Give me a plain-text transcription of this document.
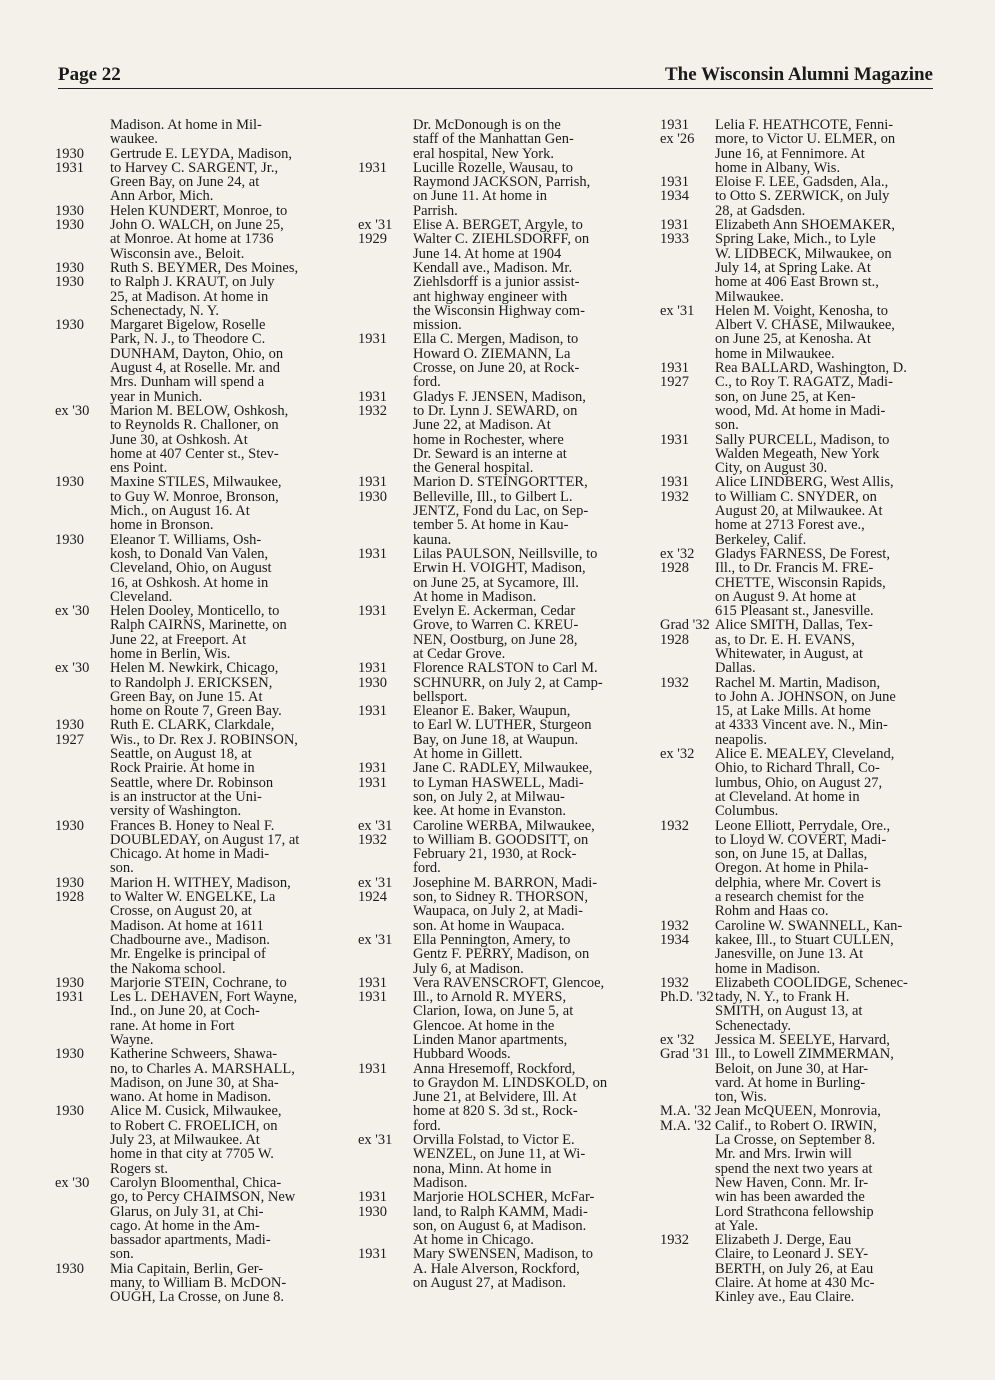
Page 22	The Wisconsin Alumni Magazine
Madison. At home in Mil-
waukee.
1930	Gertrude E. LEYDA, Madison,
1931	to Harvey C. SARGENT, Jr.,
Green Bay, on June 24, at
Ann Arbor, Mich.
1930	Helen KUNDERT, Monroe, to
1930	John O. WALCH, on June 25,
at Monroe. At home at 1736
Wisconsin ave., Beloit.
1930	Ruth S. BEYMER, Des Moines,
1930	to Ralph J. KRAUT, on July
25, at Madison. At home in
Schenectady, N. Y.
1930	Margaret Bigelow, Roselle
Park, N. J., to Theodore C.
DUNHAM, Dayton, Ohio, on
August 4, at Roselle. Mr. and
Mrs. Dunham will spend a
year in Munich.
ex '30	Marion M. BELOW, Oshkosh,
to Reynolds R. Challoner, on
June 30, at Oshkosh. At
home at 407 Center st., Stev-
ens Point.
1930	Maxine STILES, Milwaukee,
to Guy W. Monroe, Bronson,
Mich., on August 16. At
home in Bronson.
1930	Eleanor T. Williams, Osh-
kosh, to Donald Van Valen,
Cleveland, Ohio, on August
16, at Oshkosh. At home in
Cleveland.
ex '30	Helen Dooley, Monticello, to
Ralph CAIRNS, Marinette, on
June 22, at Freeport. At
home in Berlin, Wis.
ex '30	Helen M. Newkirk, Chicago,
to Randolph J. ERICKSEN,
Green Bay, on June 15. At
home on Route 7, Green Bay.
1930	Ruth E. CLARK, Clarkdale,
1927	Wis., to Dr. Rex J. ROBINSON,
Seattle, on August 18, at
Rock Prairie. At home in
Seattle, where Dr. Robinson
is an instructor at the Uni-
versity of Washington.
1930	Frances B. Honey to Neal F.
DOUBLEDAY, on August 17, at
Chicago. At home in Madi-
son.
1930	Marion H. WITHEY, Madison,
1928	to Walter W. ENGELKE, La
Crosse, on August 20, at
Madison. At home at 1611
Chadbourne ave., Madison.
Mr. Engelke is principal of
the Nakoma school.
1930	Marjorie STEIN, Cochrane, to
1931	Les L. DEHAVEN, Fort Wayne,
Ind., on June 20, at Coch-
rane. At home in Fort
Wayne.
1930	Katherine Schweers, Shawa-
no, to Charles A. MARSHALL,
Madison, on June 30, at Sha-
wano. At home in Madison.
1930	Alice M. Cusick, Milwaukee,
to Robert C. FROELICH, on
July 23, at Milwaukee. At
home in that city at 7705 W.
Rogers st.
ex '30	Carolyn Bloomenthal, Chica-
go, to Percy CHAIMSON, New
Glarus, on July 31, at Chi-
cago. At home in the Am-
bassador apartments, Madi-
son.
1930	Mia Capitain, Berlin, Ger-
many, to William B. McDON-
OUGH, La Crosse, on June 8.
Dr. McDonough is on the
staff of the Manhattan Gen-
eral hospital, New York.
1931	Lucille Rozelle, Wausau, to
Raymond JACKSON, Parrish,
on June 11. At home in
Parrish.
ex '31	Elise A. BERGET, Argyle, to
1929	Walter C. ZIEHLSDORFF, on
June 14. At home at 1904
Kendall ave., Madison. Mr.
Ziehlsdorff is a junior assist-
ant highway engineer with
the Wisconsin Highway com-
mission.
1931	Ella C. Mergen, Madison, to
Howard O. ZIEMANN, La
Crosse, on June 20, at Rock-
ford.
1931	Gladys F. JENSEN, Madison,
1932	to Dr. Lynn J. SEWARD, on
June 22, at Madison. At
home in Rochester, where
Dr. Seward is an interne at
the General hospital.
1931	Marion D. STEINGORTTER,
1930	Belleville, Ill., to Gilbert L.
JENTZ, Fond du Lac, on Sep-
tember 5. At home in Kau-
kauna.
1931	Lilas PAULSON, Neillsville, to
Erwin H. VOIGHT, Madison,
on June 25, at Sycamore, Ill.
At home in Madison.
1931	Evelyn E. Ackerman, Cedar
Grove, to Warren C. KREU-
NEN, Oostburg, on June 28,
at Cedar Grove.
1931	Florence RALSTON to Carl M.
1930	SCHNURR, on July 2, at Camp-
bellsport.
1931	Eleanor E. Baker, Waupun,
to Earl W. LUTHER, Sturgeon
Bay, on June 18, at Waupun.
At home in Gillett.
1931	Jane C. RADLEY, Milwaukee,
1931	to Lyman HASWELL, Madi-
son, on July 2, at Milwau-
kee. At home in Evanston.
ex '31	Caroline WERBA, Milwaukee,
1932	to William B. GOODSITT, on
February 21, 1930, at Rock-
ford.
ex '31	Josephine M. BARRON, Madi-
1924	son, to Sidney R. THORSON,
Waupaca, on July 2, at Madi-
son. At home in Waupaca.
ex '31	Ella Pennington, Amery, to
Gentz F. PERRY, Madison, on
July 6, at Madison.
1931	Vera RAVENSCROFT, Glencoe,
1931	Ill., to Arnold R. MYERS,
Clarion, Iowa, on June 5, at
Glencoe. At home in the
Linden Manor apartments,
Hubbard Woods.
1931	Anna Hresemoff, Rockford,
to Graydon M. LINDSKOLD, on
June 21, at Belvidere, Ill. At
home at 820 S. 3d st., Rock-
ford.
ex '31	Orvilla Folstad, to Victor E.
WENZEL, on June 11, at Wi-
nona, Minn. At home in
Madison.
1931	Marjorie HOLSCHER, McFar-
1930	land, to Ralph KAMM, Madi-
son, on August 6, at Madison.
At home in Chicago.
1931	Mary SWENSEN, Madison, to
A. Hale Alverson, Rockford,
on August 27, at Madison.
1931	Lelia F. HEATHCOTE, Fenni-
ex '26	more, to Victor U. ELMER, on
June 16, at Fennimore. At
home in Albany, Wis.
1931	Eloise F. LEE, Gadsden, Ala.,
1934	to Otto S. ZERWICK, on July
28, at Gadsden.
1931	Elizabeth Ann SHOEMAKER,
1933	Spring Lake, Mich., to Lyle
W. LIDBECK, Milwaukee, on
July 14, at Spring Lake. At
home at 406 East Brown st.,
Milwaukee.
ex '31	Helen M. Voight, Kenosha, to
Albert V. CHASE, Milwaukee,
on June 25, at Kenosha. At
home in Milwaukee.
1931	Rea BALLARD, Washington, D.
1927	C., to Roy T. RAGATZ, Madi-
son, on June 25, at Ken-
wood, Md. At home in Madi-
son.
1931	Sally PURCELL, Madison, to
Walden Megeath, New York
City, on August 30.
1931	Alice LINDBERG, West Allis,
1932	to William C. SNYDER, on
August 20, at Milwaukee. At
home at 2713 Forest ave.,
Berkeley, Calif.
ex '32	Gladys FARNESS, De Forest,
1928	Ill., to Dr. Francis M. FRE-
CHETTE, Wisconsin Rapids,
on August 9. At home at
615 Pleasant st., Janesville.
Grad '32 Alice SMITH, Dallas, Tex-
1928	as, to Dr. E. H. EVANS,
Whitewater, in August, at
Dallas.
1932	Rachel M. Martin, Madison,
to John A. JOHNSON, on June
15, at Lake Mills. At home
at 4333 Vincent ave. N., Min-
neapolis.
ex '32	Alice E. MEALEY, Cleveland,
Ohio, to Richard Thrall, Co-
lumbus, Ohio, on August 27,
at Cleveland. At home in
Columbus.
1932	Leone Elliott, Perrydale, Ore.,
to Lloyd W. COVERT, Madi-
son, on June 15, at Dallas,
Oregon. At home in Phila-
delphia, where Mr. Covert is
a research chemist for the
Rohm and Haas co.
1932	Caroline W. SWANNELL, Kan-
1934	kakee, Ill., to Stuart CULLEN,
Janesville, on June 13. At
home in Madison.
1932	Elizabeth COOLIDGE, Schenec-
Ph.D. '32 tady, N. Y., to Frank H.
SMITH, on August 13, at
Schenectady.
ex '32	Jessica M. SEELYE, Harvard,
Grad '31 Ill., to Lowell ZIMMERMAN,
Beloit, on June 30, at Har-
vard. At home in Burling-
ton, Wis.
M.A. '32 Jean McQUEEN, Monrovia,
M.A. '32 Calif., to Robert O. IRWIN,
La Crosse, on September 8.
Mr. and Mrs. Irwin will
spend the next two years at
New Haven, Conn. Mr. Ir-
win has been awarded the
Lord Strathcona fellowship
at Yale.
1932	Elizabeth J. Derge, Eau
Claire, to Leonard J. SEY-
BERTH, on July 26, at Eau
Claire. At home at 430 Mc-
Kinley ave., Eau Claire.
